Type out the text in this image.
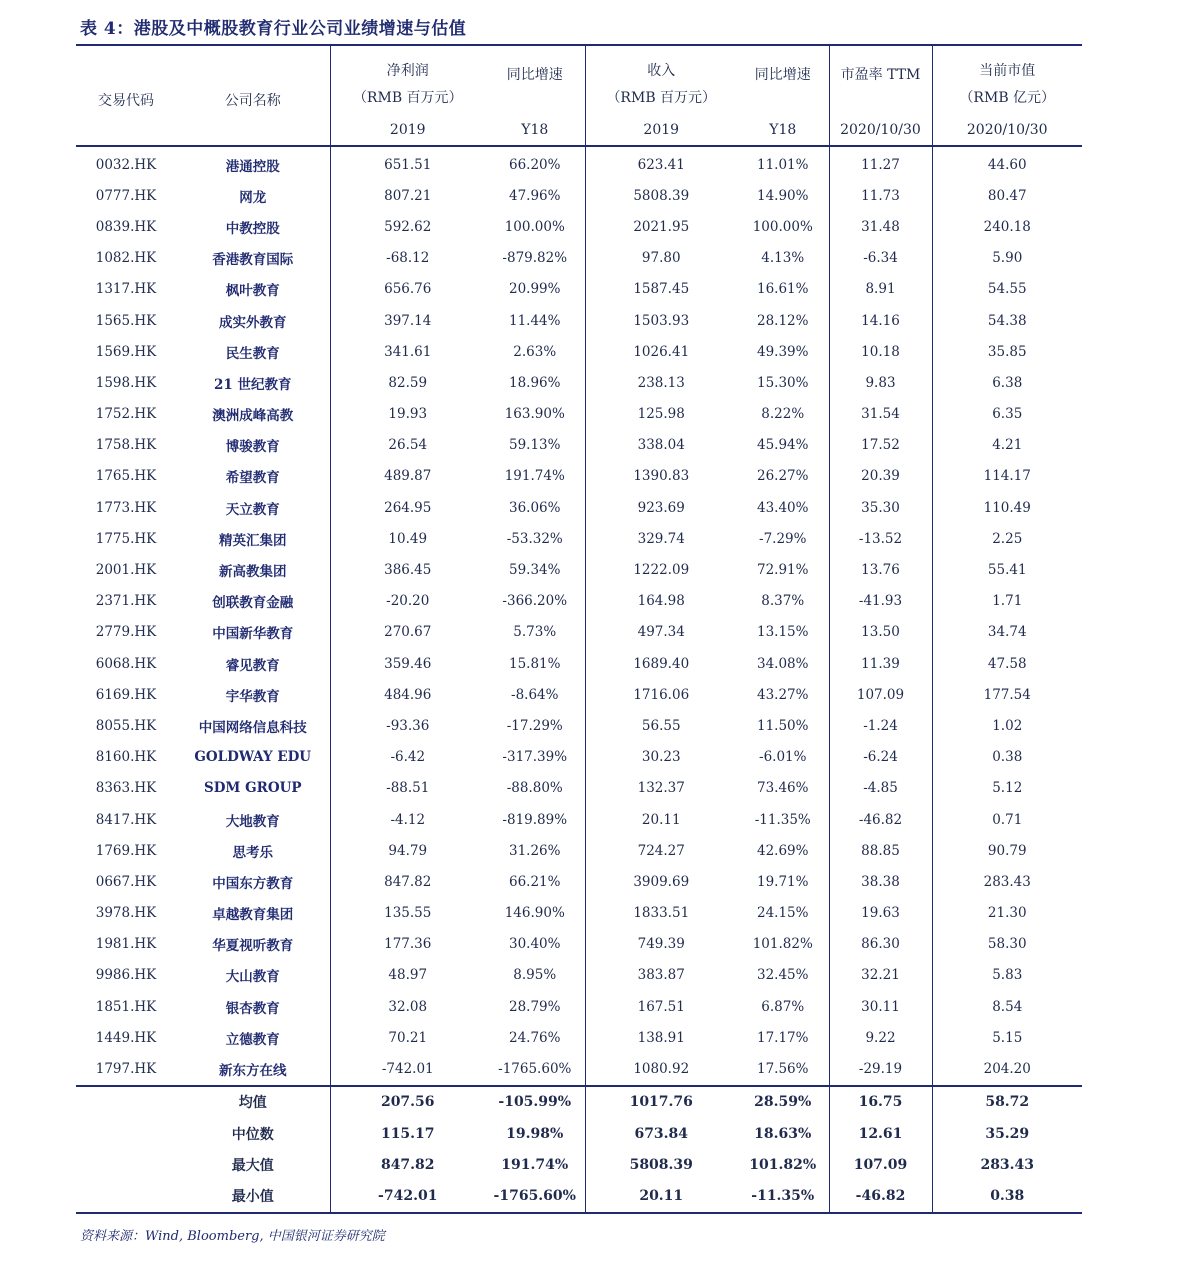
表 4：港股及中概股教育行业公司业绩增速与估值
交易代码	公司名称	净利润	同比增速	收入	同比增速	市盈率 TTM	当前市值
		（RMB 百万元）		（RMB 百万元）			（RMB 亿元）
		2019	Y18	2019	Y18	2020/10/30	2020/10/30
0032.HK	港通控股	651.51	66.20%	623.41	11.01%	11.27	44.60
0777.HK	网龙	807.21	47.96%	5808.39	14.90%	11.73	80.47
0839.HK	中教控股	592.62	100.00%	2021.95	100.00%	31.48	240.18
1082.HK	香港教育国际	-68.12	-879.82%	97.80	4.13%	-6.34	5.90
1317.HK	枫叶教育	656.76	20.99%	1587.45	16.61%	8.91	54.55
1565.HK	成实外教育	397.14	11.44%	1503.93	28.12%	14.16	54.38
1569.HK	民生教育	341.61	2.63%	1026.41	49.39%	10.18	35.85
1598.HK	21 世纪教育	82.59	18.96%	238.13	15.30%	9.83	6.38
1752.HK	澳洲成峰高教	19.93	163.90%	125.98	8.22%	31.54	6.35
1758.HK	博骏教育	26.54	59.13%	338.04	45.94%	17.52	4.21
1765.HK	希望教育	489.87	191.74%	1390.83	26.27%	20.39	114.17
1773.HK	天立教育	264.95	36.06%	923.69	43.40%	35.30	110.49
1775.HK	精英汇集团	10.49	-53.32%	329.74	-7.29%	-13.52	2.25
2001.HK	新高教集团	386.45	59.34%	1222.09	72.91%	13.76	55.41
2371.HK	创联教育金融	-20.20	-366.20%	164.98	8.37%	-41.93	1.71
2779.HK	中国新华教育	270.67	5.73%	497.34	13.15%	13.50	34.74
6068.HK	睿见教育	359.46	15.81%	1689.40	34.08%	11.39	47.58
6169.HK	宇华教育	484.96	-8.64%	1716.06	43.27%	107.09	177.54
8055.HK	中国网络信息科技	-93.36	-17.29%	56.55	11.50%	-1.24	1.02
8160.HK	GOLDWAY EDU	-6.42	-317.39%	30.23	-6.01%	-6.24	0.38
8363.HK	SDM GROUP	-88.51	-88.80%	132.37	73.46%	-4.85	5.12
8417.HK	大地教育	-4.12	-819.89%	20.11	-11.35%	-46.82	0.71
1769.HK	思考乐	94.79	31.26%	724.27	42.69%	88.85	90.79
0667.HK	中国东方教育	847.82	66.21%	3909.69	19.71%	38.38	283.43
3978.HK	卓越教育集团	135.55	146.90%	1833.51	24.15%	19.63	21.30
1981.HK	华夏视听教育	177.36	30.40%	749.39	101.82%	86.30	58.30
9986.HK	大山教育	48.97	8.95%	383.87	32.45%	32.21	5.83
1851.HK	银杏教育	32.08	28.79%	167.51	6.87%	30.11	8.54
1449.HK	立德教育	70.21	24.76%	138.91	17.17%	9.22	5.15
1797.HK	新东方在线	-742.01	-1765.60%	1080.92	17.56%	-29.19	204.20
	均值	207.56	-105.99%	1017.76	28.59%	16.75	58.72
	中位数	115.17	19.98%	673.84	18.63%	12.61	35.29
	最大值	847.82	191.74%	5808.39	101.82%	107.09	283.43
	最小值	-742.01	-1765.60%	20.11	-11.35%	-46.82	0.38
资料来源：Wind, Bloomberg, 中国银河证券研究院
